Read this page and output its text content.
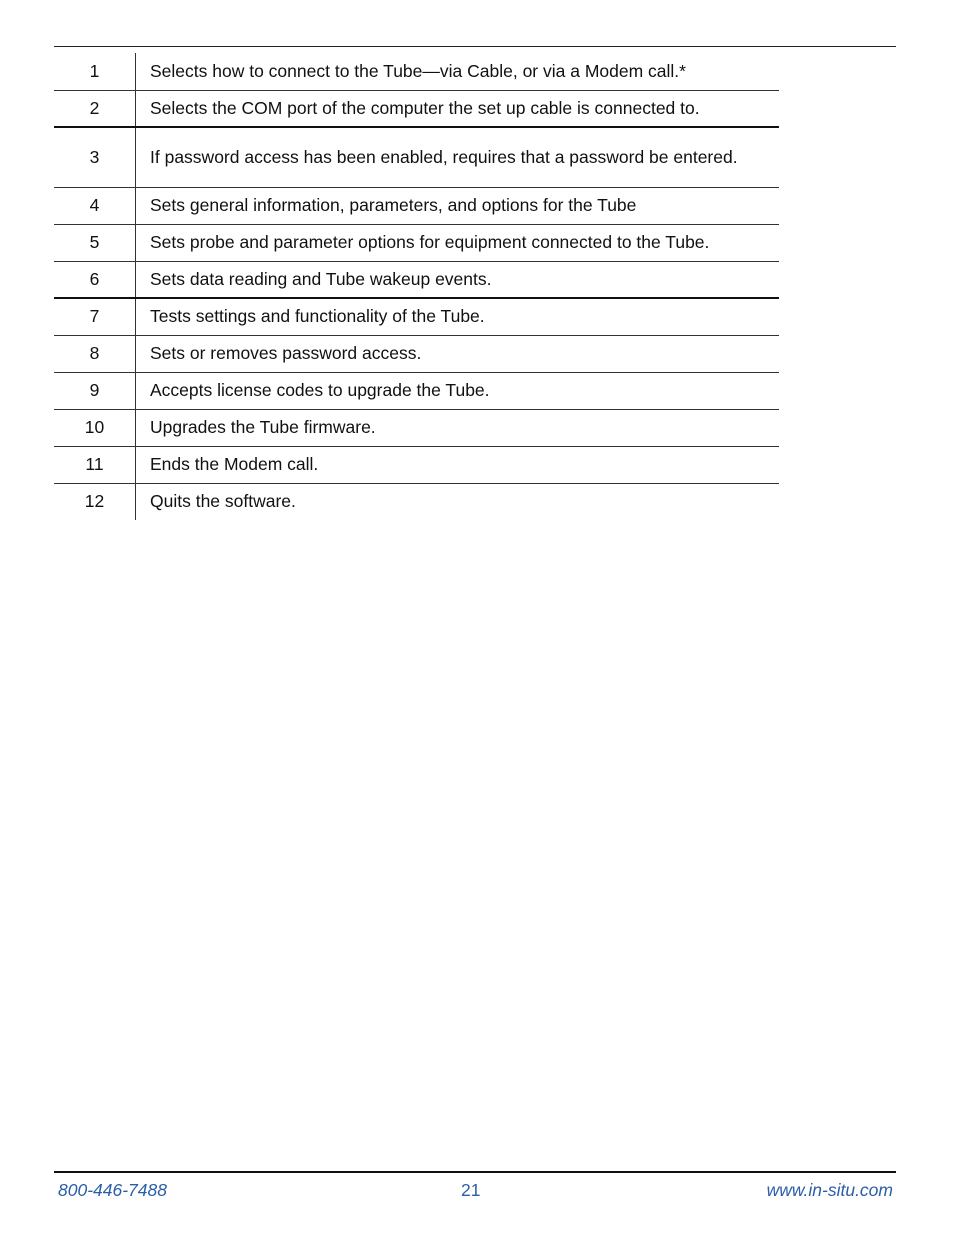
1	Selects how to connect to the Tube—via Cable, or via a Modem call.*
2	Selects the COM port of the computer the set up cable is connected to.
3	If password access has been enabled, requires that a password be entered.
4	Sets general information, parameters, and options for the Tube
5	Sets probe and parameter options for equipment connected to the Tube.
6	Sets data reading and Tube wakeup events.
7	Tests settings and functionality of the Tube.
8	Sets or removes password access.
9	Accepts license codes to upgrade the Tube.
10	Upgrades the Tube firmware.
11	Ends the Modem call.
12	Quits the software.
800-446-7488	21	www.in-situ.com
